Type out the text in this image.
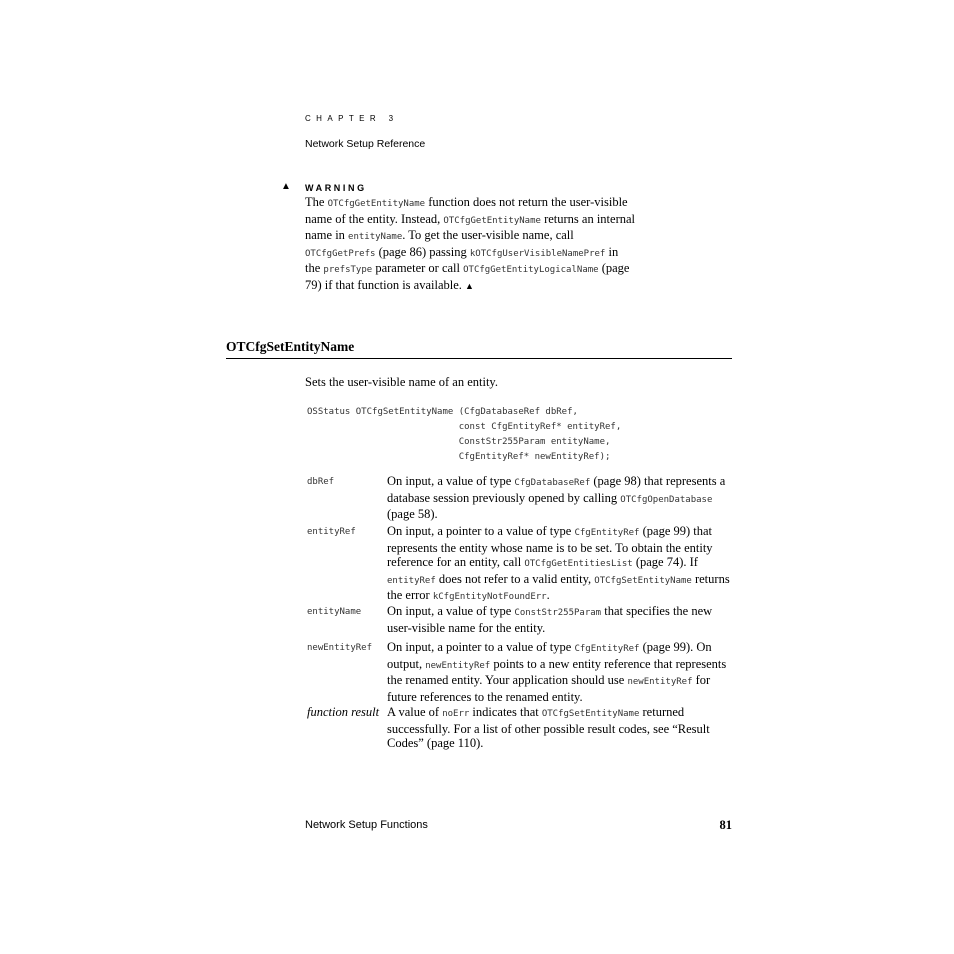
CHAPTER 3
Network Setup Reference
▲ WARNING
The OTCfgGetEntityName function does not return the user-visible name of the entity. Instead, OTCfgGetEntityName returns an internal name in entityName. To get the user-visible name, call OTCfgGetPrefs (page 86) passing kOTCfgUserVisibleNamePref in the prefsType parameter or call OTCfgGetEntityLogicalName (page 79) if that function is available. ▲
OTCfgSetEntityName
Sets the user-visible name of an entity.
OSStatus OTCfgSetEntityName (CfgDatabaseRef dbRef,
const CfgEntityRef* entityRef,
ConstStr255Param entityName,
CfgEntityRef* newEntityRef);
dbRef	On input, a value of type CfgDatabaseRef (page 98) that represents a database session previously opened by calling OTCfgOpenDatabase (page 58).
entityRef On input, a pointer to a value of type CfgEntityRef (page 99) that represents the entity whose name is to be set. To obtain the entity reference for an entity, call OTCfgGetEntitiesList (page 74). If entityRef does not refer to a valid entity, OTCfgSetEntityName returns the error kCfgEntityNotFoundErr.
entityName On input, a value of type ConstStr255Param that specifies the new user-visible name for the entity.
newEntityRef On input, a pointer to a value of type CfgEntityRef (page 99). On output, newEntityRef points to a new entity reference that represents the renamed entity. Your application should use newEntityRef for future references to the renamed entity.
function result A value of noErr indicates that OTCfgSetEntityName returned successfully. For a list of other possible result codes, see “Result Codes” (page 110).
Network Setup Functions	81
